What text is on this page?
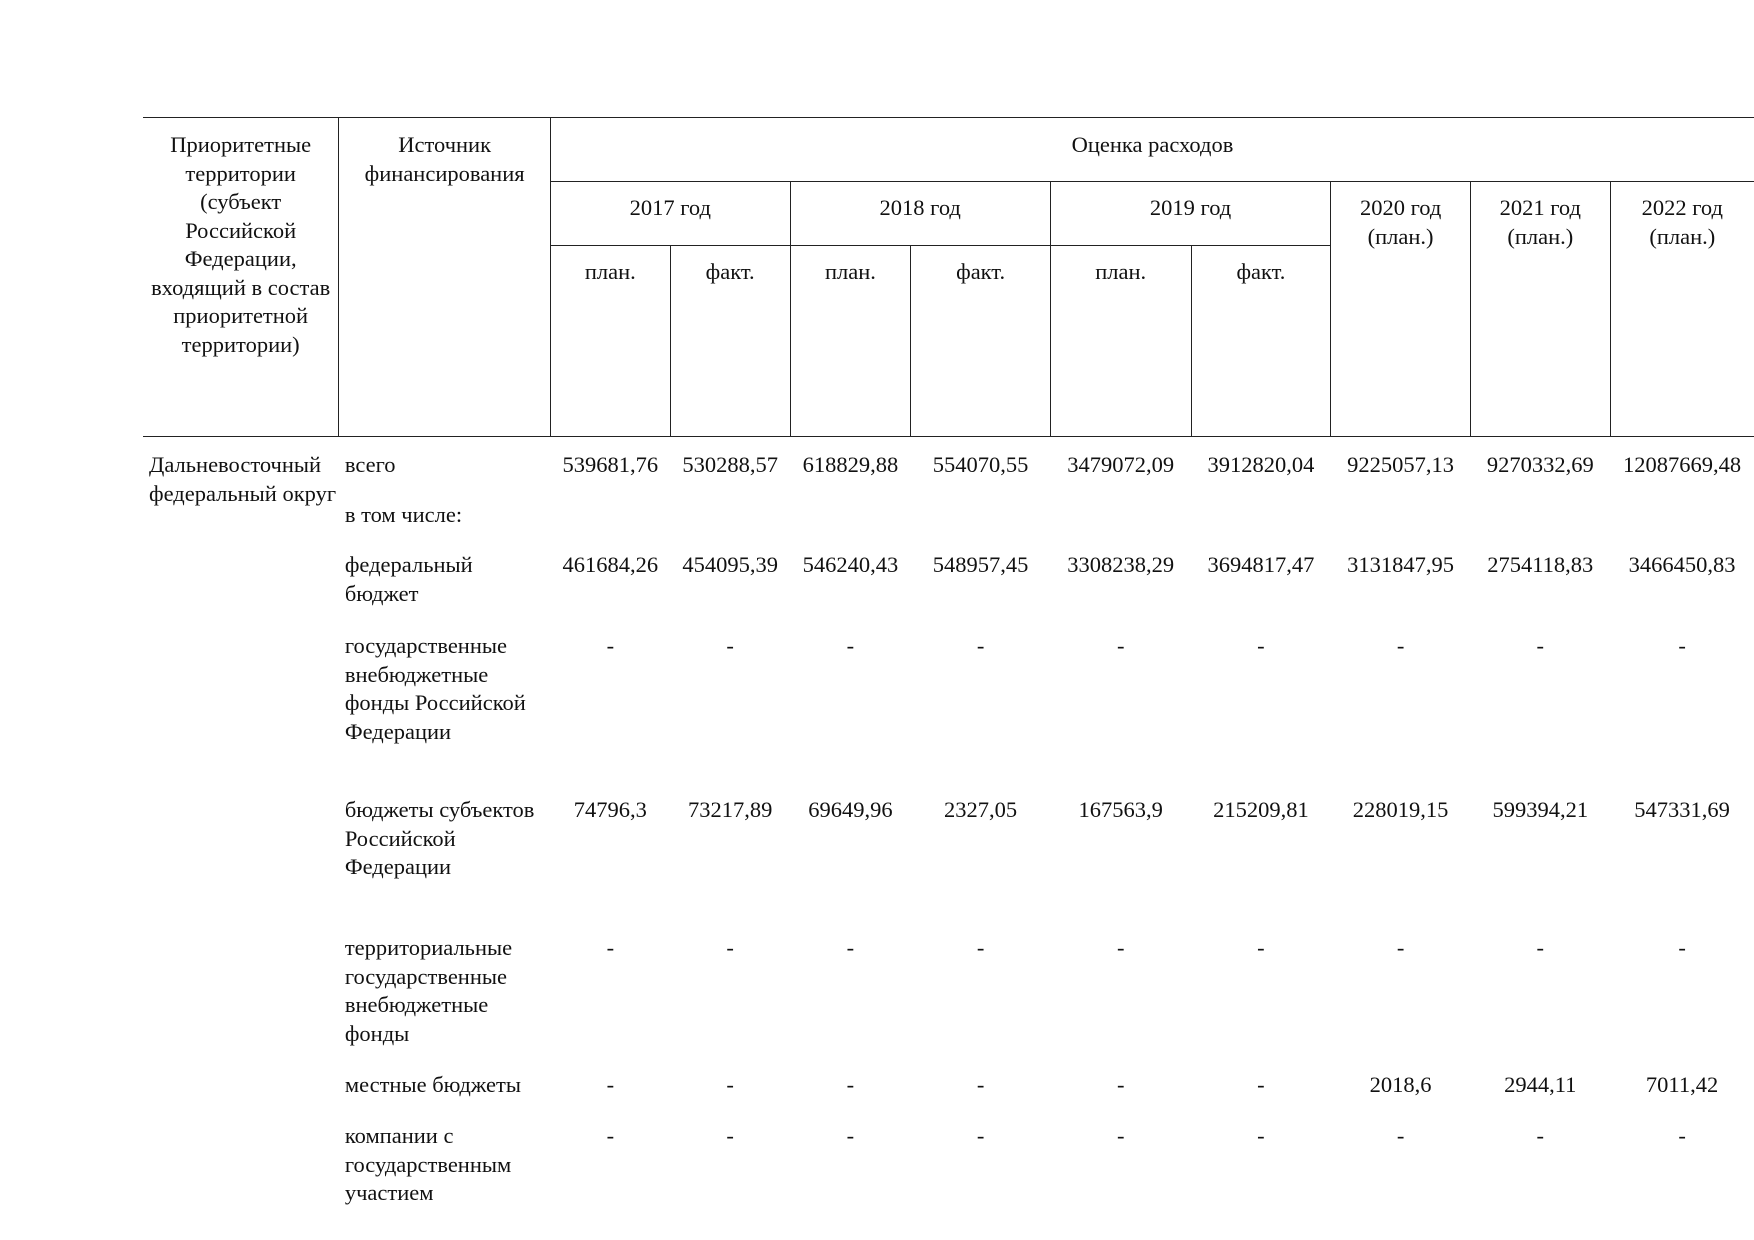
Приоритетные территории (субъект Российской Федерации, входящий в состав приоритетной территории)	Источник финансирования	Оценка расходов								
		2017 год		2018 год		2019 год		2020 год (план.)	2021 год (план.)	2022 год (план.)
		план.	факт.	план.	факт.	план.	факт.			
Дальневосточный федеральный округ	всего	539681,76	530288,57	618829,88	554070,55	3479072,09	3912820,04	9225057,13	9270332,69	12087669,48
	в том числе:									
	федеральный бюджет	461684,26	454095,39	546240,43	548957,45	3308238,29	3694817,47	3131847,95	2754118,83	3466450,83
	государственные внебюджетные фонды Российской Федерации	-	-	-	-	-	-	-	-	-
	бюджеты субъектов Российской Федерации	74796,3	73217,89	69649,96	2327,05	167563,9	215209,81	228019,15	599394,21	547331,69
	территориальные государственные внебюджетные фонды	-	-	-	-	-	-	-	-	-
	местные бюджеты	-	-	-	-	-	-	2018,6	2944,11	7011,42
	компании с государственным участием	-	-	-	-	-	-	-	-	-
